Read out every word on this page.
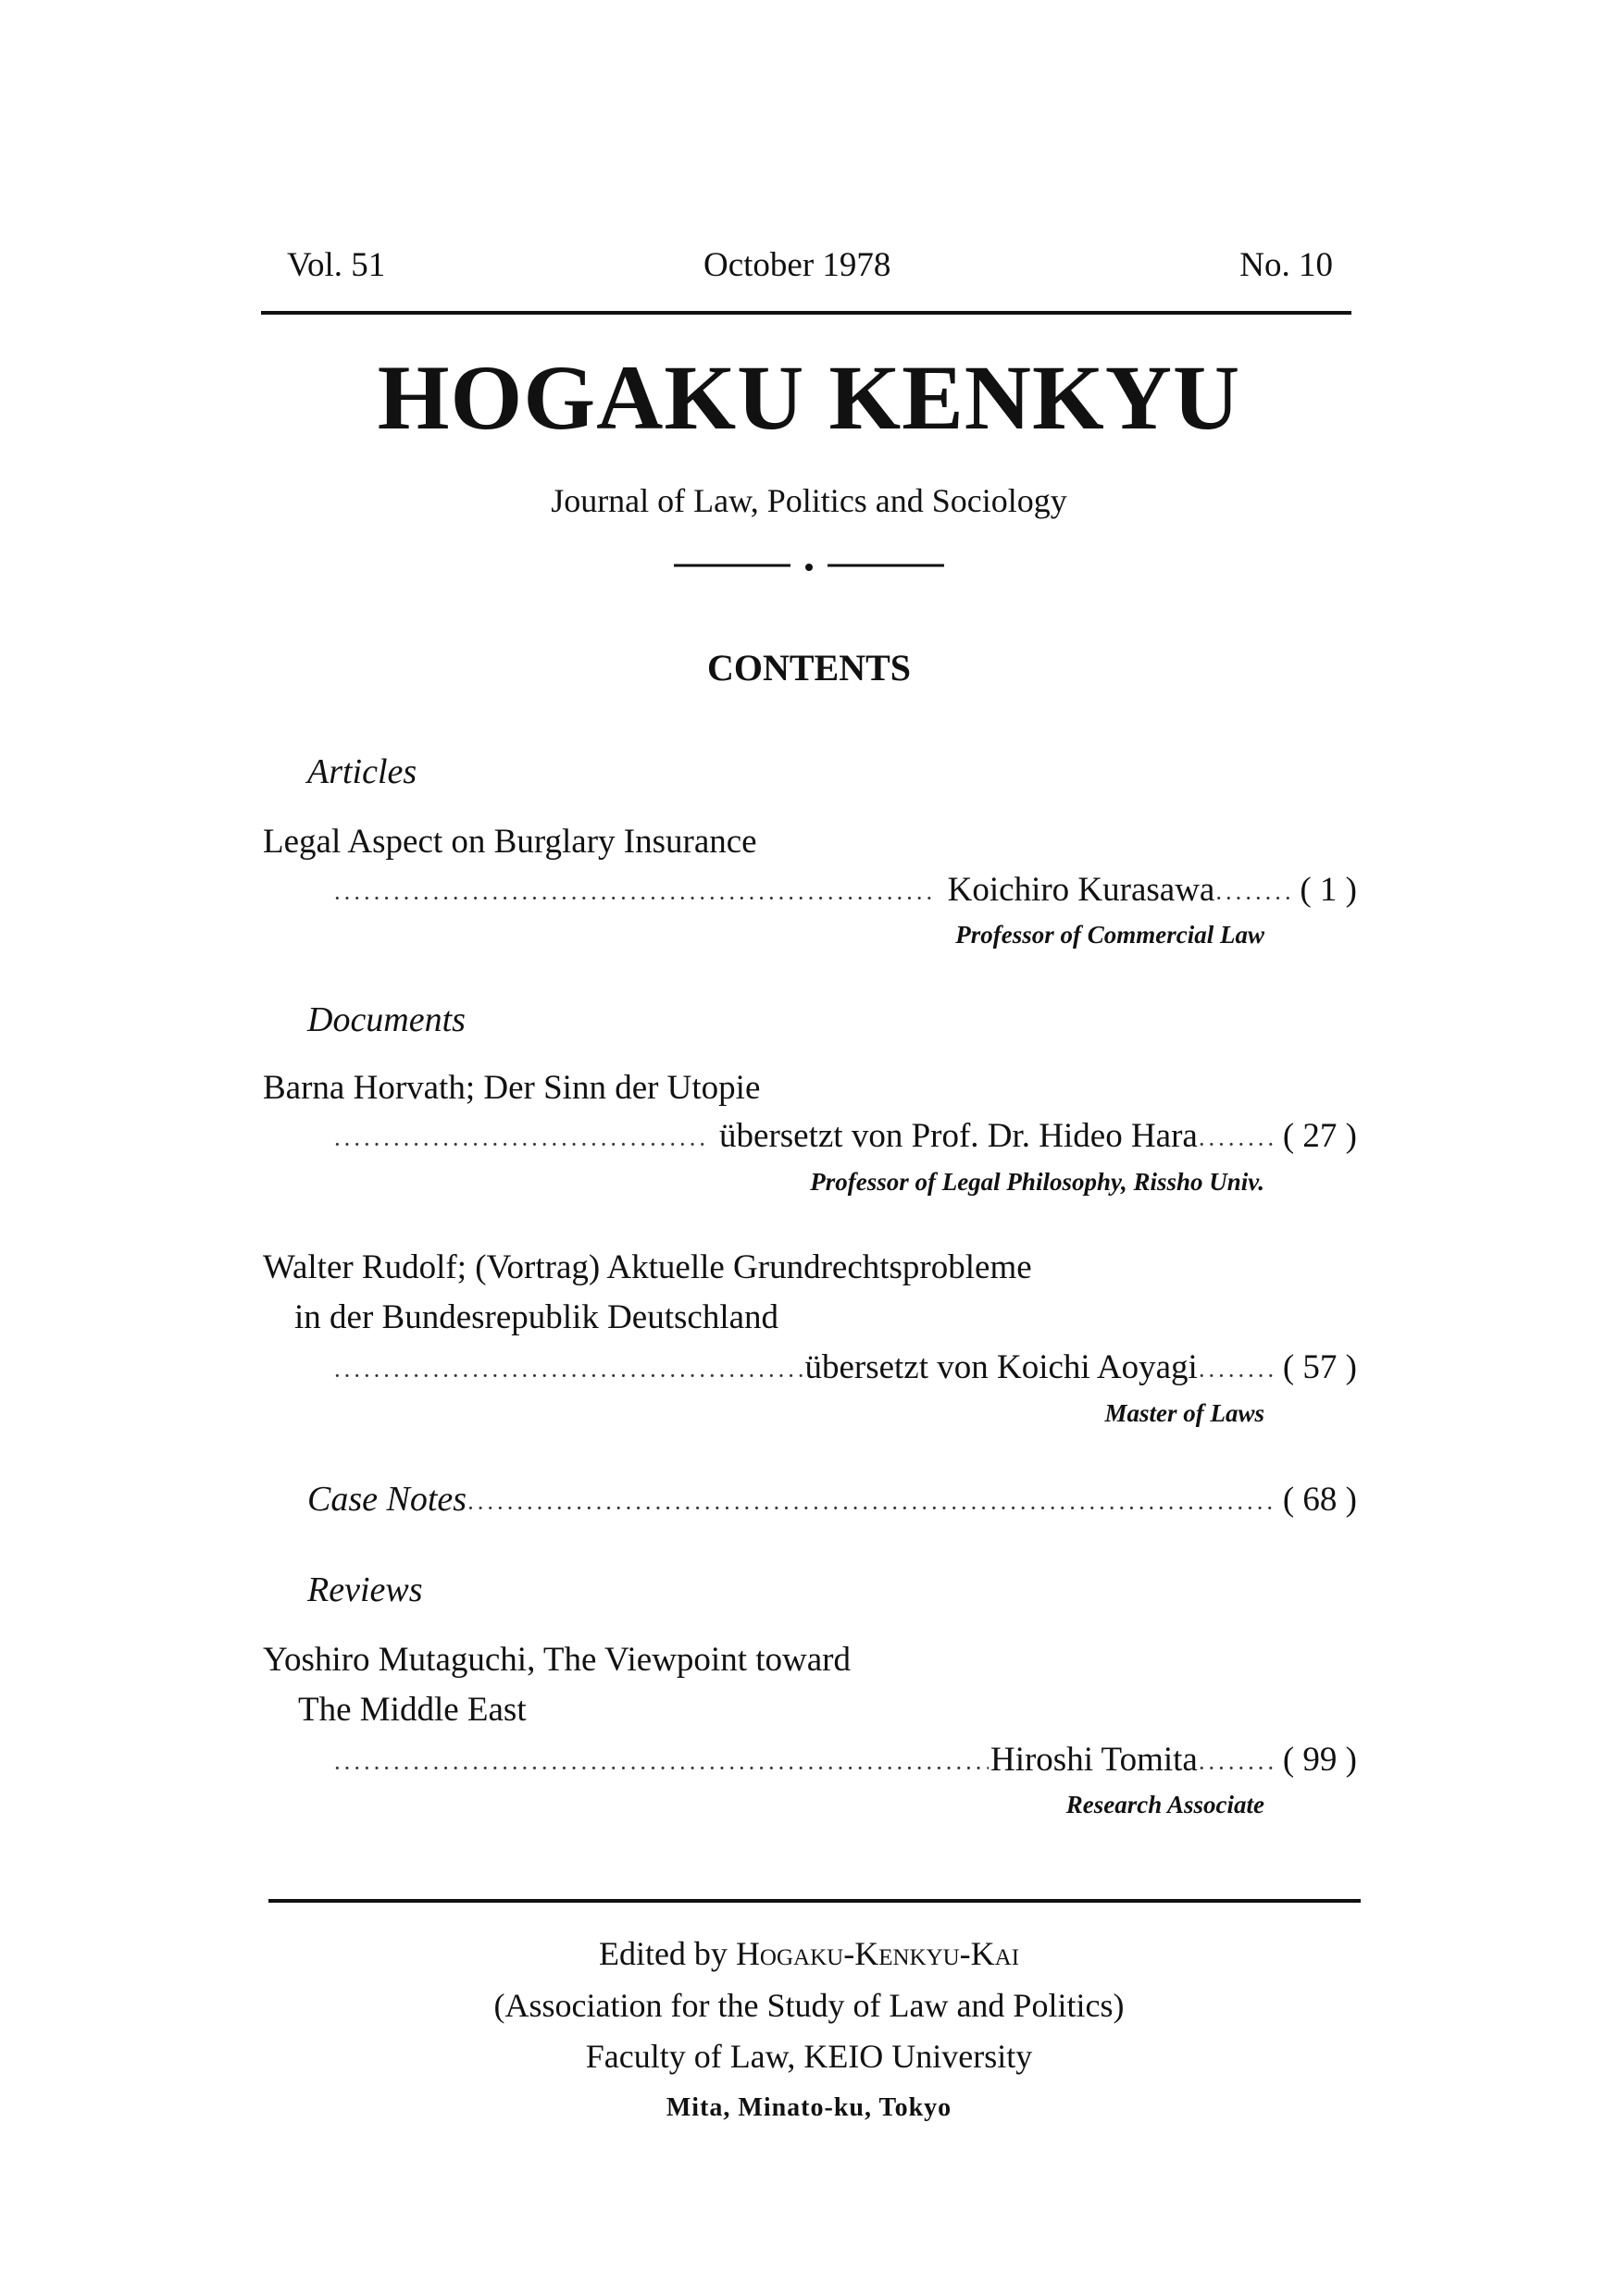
Vol. 51	October 1978	No. 10
HOGAKU KENKYU
Journal of Law, Politics and Sociology
CONTENTS
Articles
Legal Aspect on Burglary Insurance
·····
Koichiro Kurasawa ····· ( 1 )
Professor of Commercial Law
Documents
Barna Horvath; Der Sinn der Utopie
·····
übersetzt von Prof. Dr. Hideo Hara ····· ( 27 )
Professor of Legal Philosophy, Rissho Univ.
Walter Rudolf; (Vortrag) Aktuelle Grundrechtsprobleme
in der Bundesrepublik Deutschland
·····
übersetzt von Koichi Aoyagi ····· ( 57 )
Master of Laws
Case Notes ·····	( 68 )
Reviews
Yoshiro Mutaguchi, The Viewpoint toward
The Middle East
·····
Hiroshi Tomita ····· ( 99 )
Research Associate
Edited by Hogaku-Kenkyu-Kai
(Association for the Study of Law and Politics)
Faculty of Law, KEIO University
Mita, Minato-ku, Tokyo
